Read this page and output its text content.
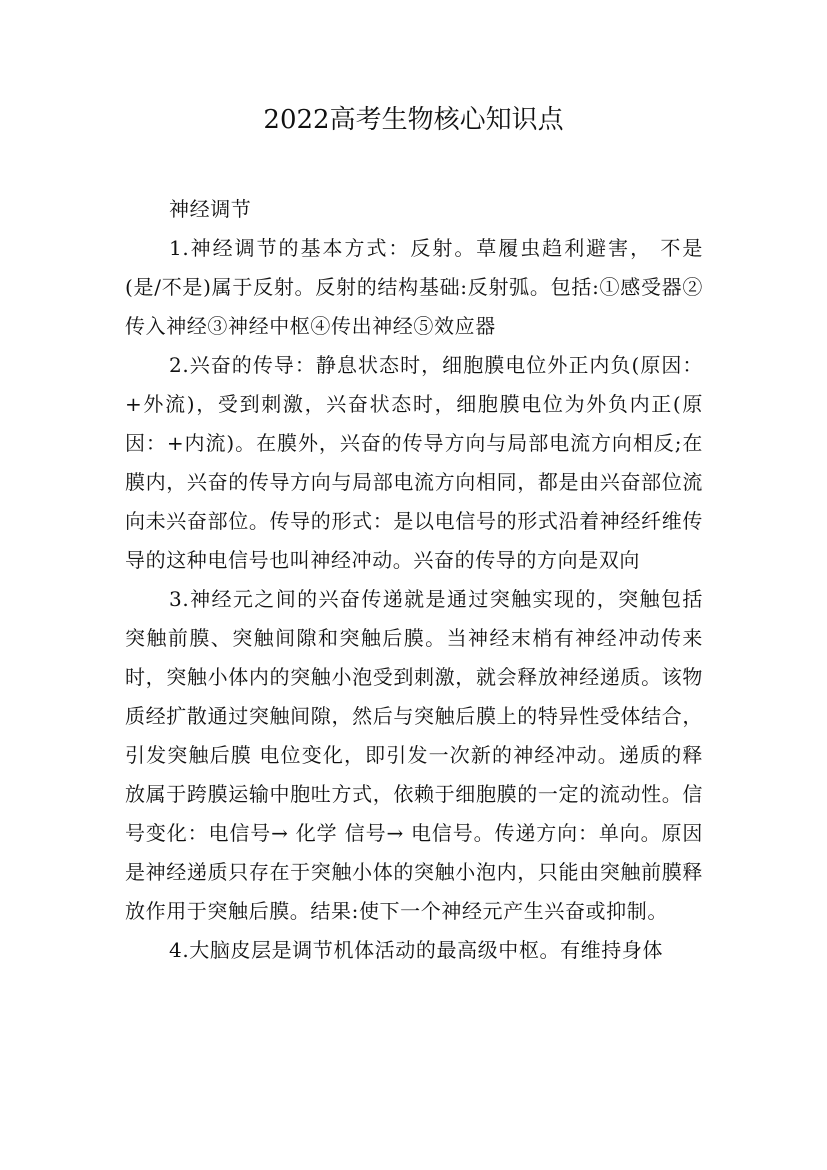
2022高考生物核心知识点

神经调节

1.神经调节的基本方式：反射。草履虫趋利避害， 不是(是/不是)属于反射。反射的结构基础:反射弧。包括:①感受器②传入神经③神经中枢④传出神经⑤效应器

2.兴奋的传导：静息状态时，细胞膜电位外正内负(原因：+外流)，受到刺激，兴奋状态时，细胞膜电位为外负内正(原因：+内流)。在膜外，兴奋的传导方向与局部电流方向相反;在膜内，兴奋的传导方向与局部电流方向相同，都是由兴奋部位流向未兴奋部位。传导的形式：是以电信号的形式沿着神经纤维传导的这种电信号也叫神经冲动。兴奋的传导的方向是双向

3.神经元之间的兴奋传递就是通过突触实现的，突触包括突触前膜、突触间隙和突触后膜。当神经末梢有神经冲动传来时，突触小体内的突触小泡受到刺激，就会释放神经递质。该物质经扩散通过突触间隙，然后与突触后膜上的特异性受体结合，引发突触后膜 电位变化，即引发一次新的神经冲动。递质的释放属于跨膜运输中胞吐方式，依赖于细胞膜的一定的流动性。信号变化：电信号→ 化学 信号→ 电信号。传递方向：单向。原因是神经递质只存在于突触小体的突触小泡内，只能由突触前膜释放作用于突触后膜。结果:使下一个神经元产生兴奋或抑制。

4.大脑皮层是调节机体活动的最高级中枢。有维持身体
